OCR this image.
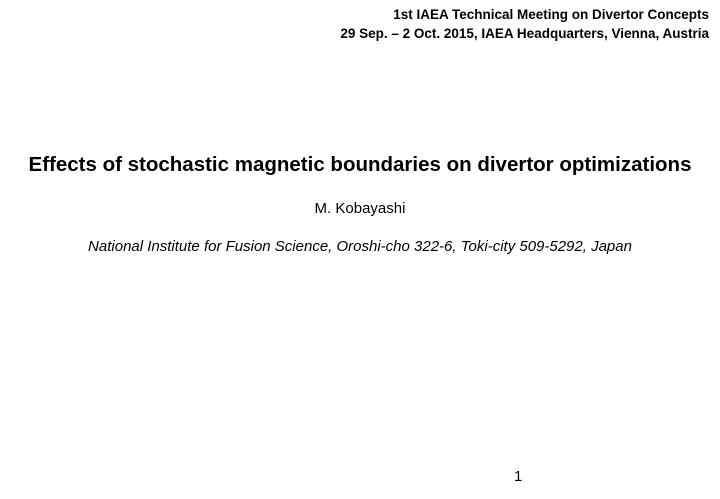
1st IAEA Technical Meeting on Divertor Concepts
29 Sep. – 2 Oct. 2015, IAEA Headquarters, Vienna, Austria
Effects of stochastic magnetic boundaries on divertor optimizations
M. Kobayashi
National Institute for Fusion Science, Oroshi-cho 322-6, Toki-city 509-5292, Japan
1
